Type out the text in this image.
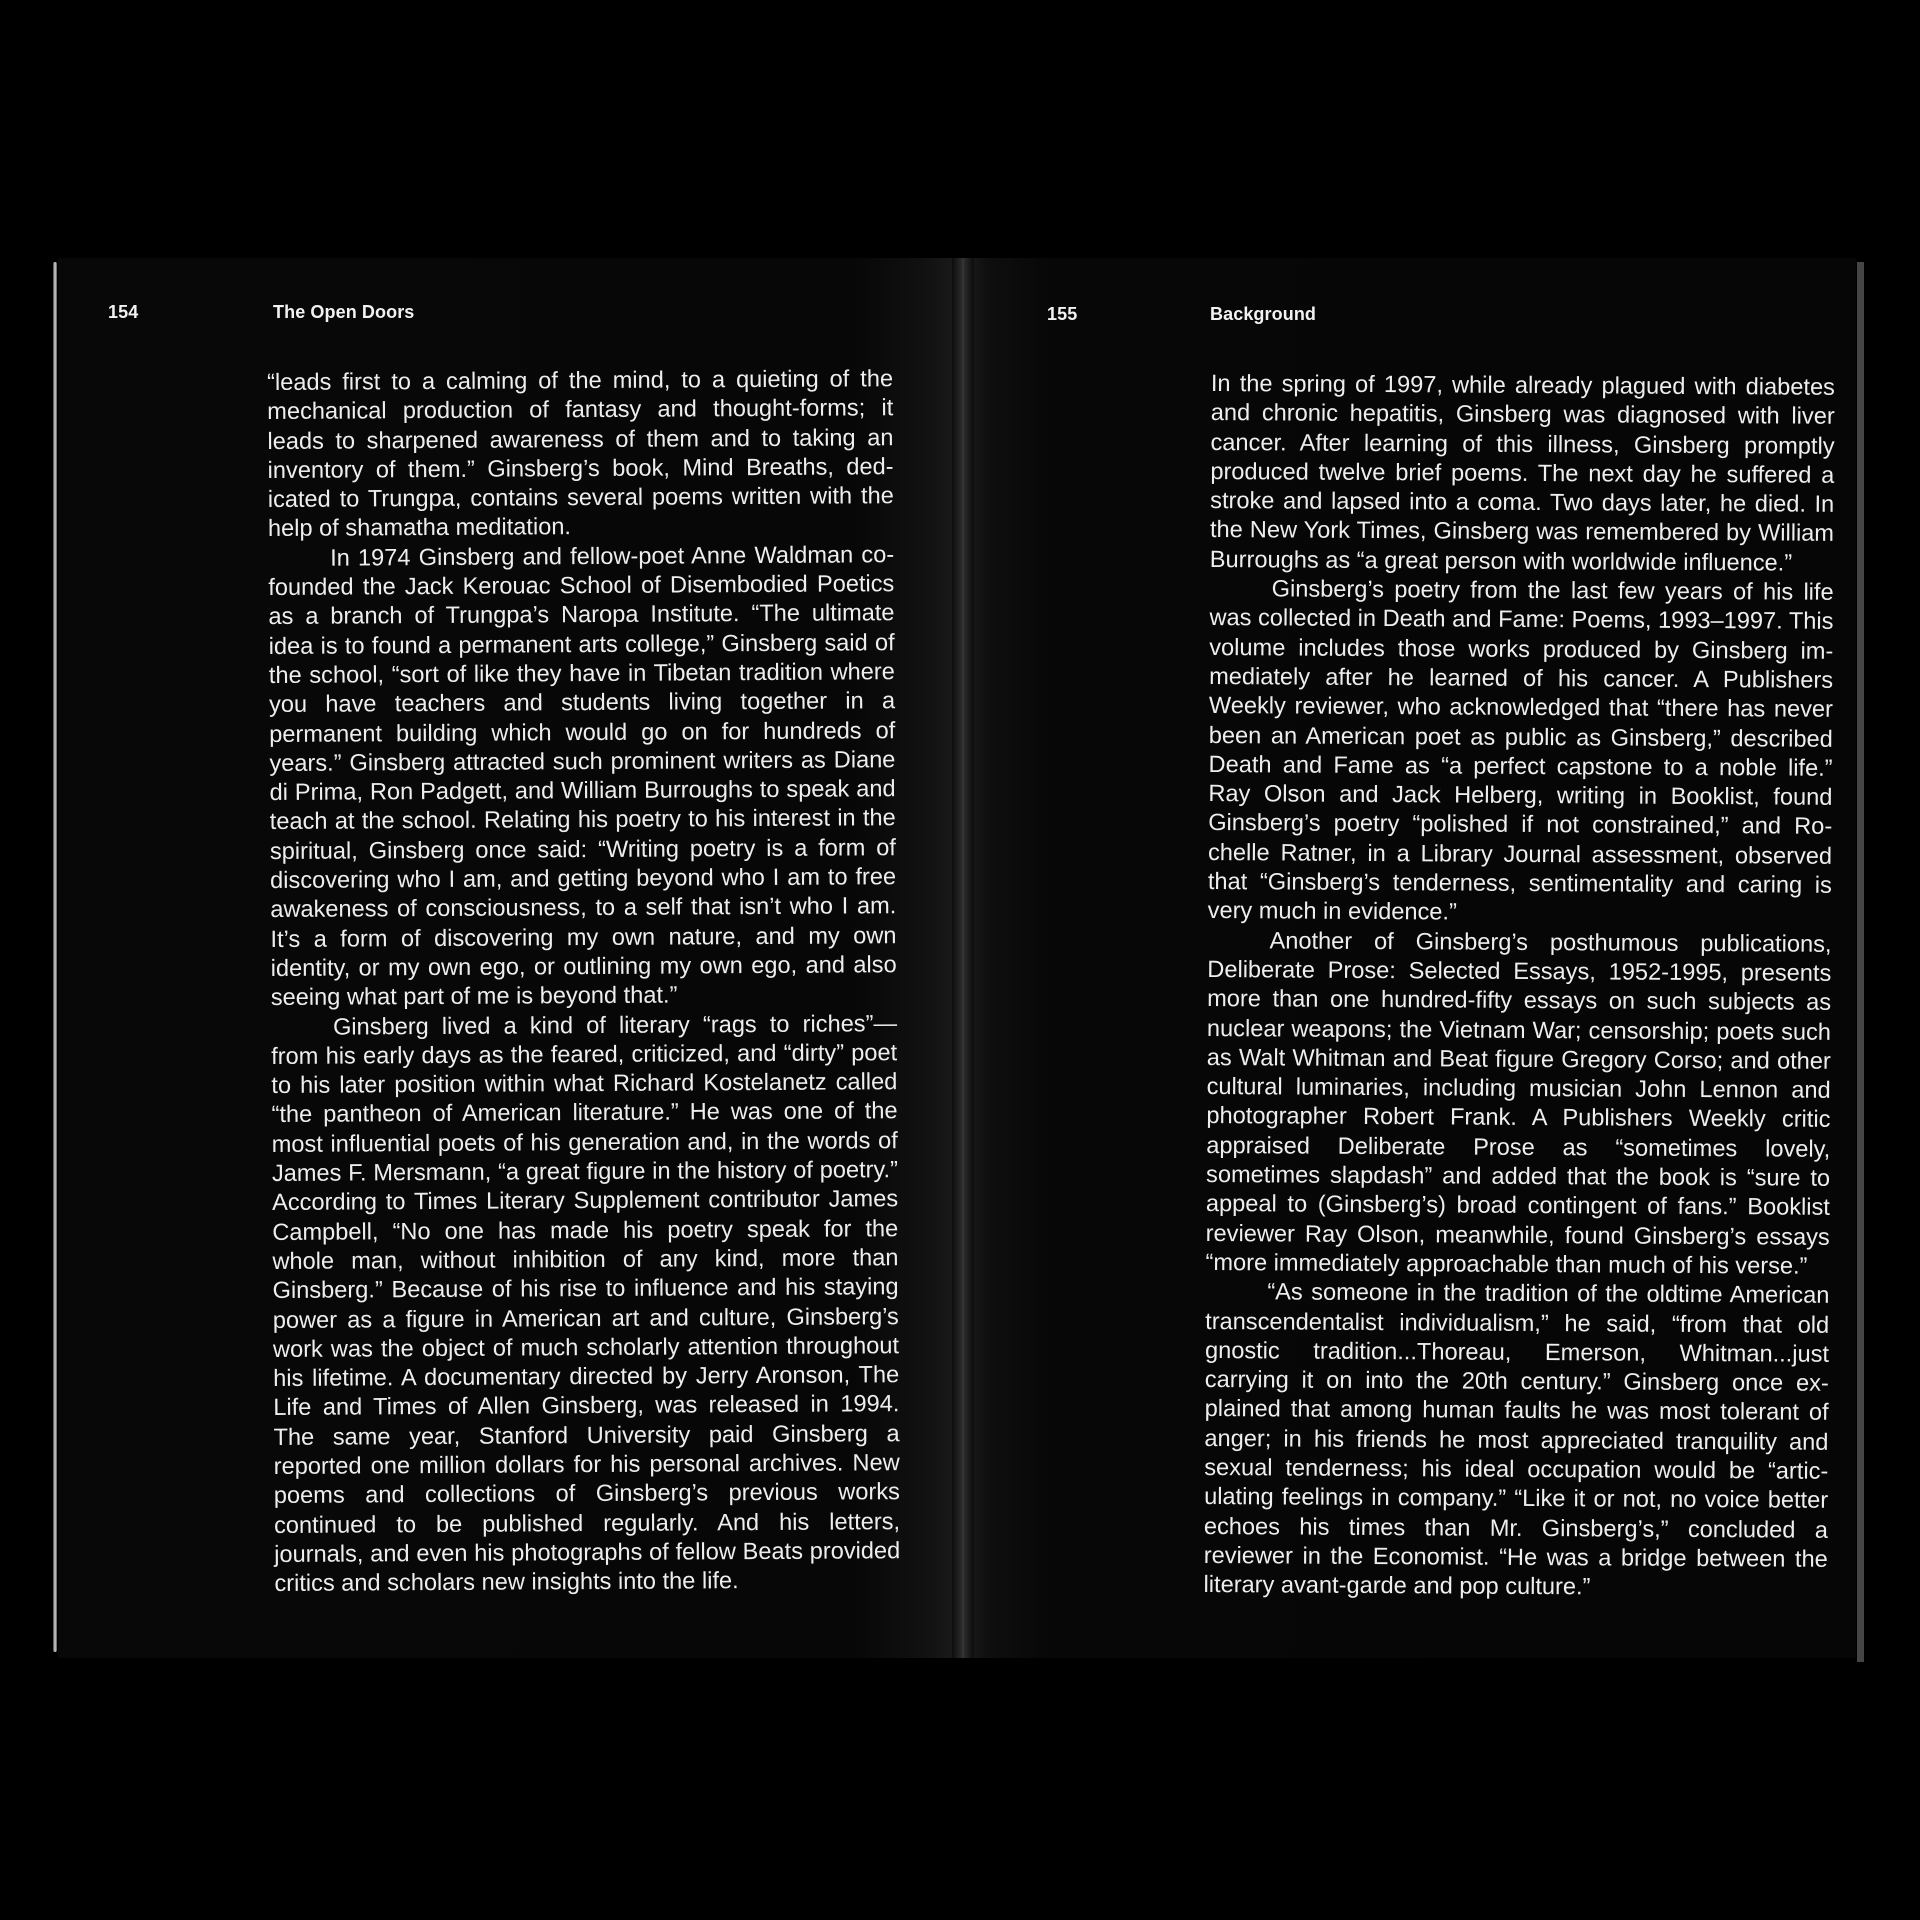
154	The Open Doors	155	Background

“leads first to a calming of the mind, to a quieting of the mechanical production of fantasy and thought-forms; it leads to sharpened awareness of them and to taking an inventory of them.” Ginsberg’s book, Mind Breaths, dedicated to Trungpa, contains several poems written with the help of shamatha meditation.

In 1974 Ginsberg and fellow-poet Anne Waldman co-founded the Jack Kerouac School of Disembodied Poetics as a branch of Trungpa’s Naropa Institute. “The ultimate idea is to found a permanent arts college,” Ginsberg said of the school, “sort of like they have in Tibetan tradition where you have teachers and students living together in a permanent building which would go on for hundreds of years.” Ginsberg attracted such prominent writers as Diane di Prima, Ron Padgett, and William Burroughs to speak and teach at the school. Relating his poetry to his interest in the spiritual, Ginsberg once said: “Writing poetry is a form of discovering who I am, and getting beyond who I am to free awakeness of consciousness, to a self that isn’t who I am. It’s a form of discovering my own nature, and my own identity, or my own ego, or outlining my own ego, and also seeing what part of me is beyond that.”

Ginsberg lived a kind of literary “rags to riches”— from his early days as the feared, criticized, and “dirty” poet to his later position within what Richard Kostelanetz called “the pantheon of American literature.” He was one of the most influential poets of his generation and, in the words of James F. Mersmann, “a great figure in the history of poetry.” According to Times Literary Supplement contributor James Campbell, “No one has made his poetry speak for the whole man, without inhibition of any kind, more than Ginsberg.” Because of his rise to influence and his staying power as a figure in American art and culture, Ginsberg’s work was the object of much scholarly attention throughout his lifetime. A documentary directed by Jerry Aronson, The Life and Times of Allen Ginsberg, was released in 1994. The same year, Stanford University paid Ginsberg a reported one million dollars for his personal archives. New poems and collections of Ginsberg’s previous works continued to be published regularly. And his letters, journals, and even his photographs of fellow Beats provided critics and scholars new insights into the life.

In the spring of 1997, while already plagued with diabetes and chronic hepatitis, Ginsberg was diagnosed with liver cancer. After learning of this illness, Ginsberg promptly produced twelve brief poems. The next day he suffered a stroke and lapsed into a coma. Two days later, he died. In the New York Times, Ginsberg was remembered by William Burroughs as “a great person with worldwide influence.”

Ginsberg’s poetry from the last few years of his life was collected in Death and Fame: Poems, 1993–1997. This volume includes those works produced by Ginsberg immediately after he learned of his cancer. A Publishers Weekly reviewer, who acknowledged that “there has never been an American poet as public as Ginsberg,” described Death and Fame as “a perfect capstone to a noble life.” Ray Olson and Jack Helberg, writing in Booklist, found Ginsberg’s poetry “polished if not constrained,” and Rochelle Ratner, in a Library Journal assessment, observed that “Ginsberg’s tenderness, sentimentality and caring is very much in evidence.”

Another of Ginsberg’s posthumous publications, Deliberate Prose: Selected Essays, 1952-1995, presents more than one hundred-fifty essays on such subjects as nuclear weapons; the Vietnam War; censorship; poets such as Walt Whitman and Beat figure Gregory Corso; and other cultural luminaries, including musician John Lennon and photographer Robert Frank. A Publishers Weekly critic appraised Deliberate Prose as “sometimes lovely, sometimes slapdash” and added that the book is “sure to appeal to (Ginsberg’s) broad contingent of fans.” Booklist reviewer Ray Olson, meanwhile, found Ginsberg’s essays “more immediately approachable than much of his verse.”

“As someone in the tradition of the oldtime American transcendentalist individualism,” he said, “from that old gnostic tradition...Thoreau, Emerson, Whitman...just carrying it on into the 20th century.” Ginsberg once explained that among human faults he was most tolerant of anger; in his friends he most appreciated tranquility and sexual tenderness; his ideal occupation would be “articulating feelings in company.” “Like it or not, no voice better echoes his times than Mr. Ginsberg’s,” concluded a reviewer in the Economist. “He was a bridge between the literary avant-garde and pop culture.”
